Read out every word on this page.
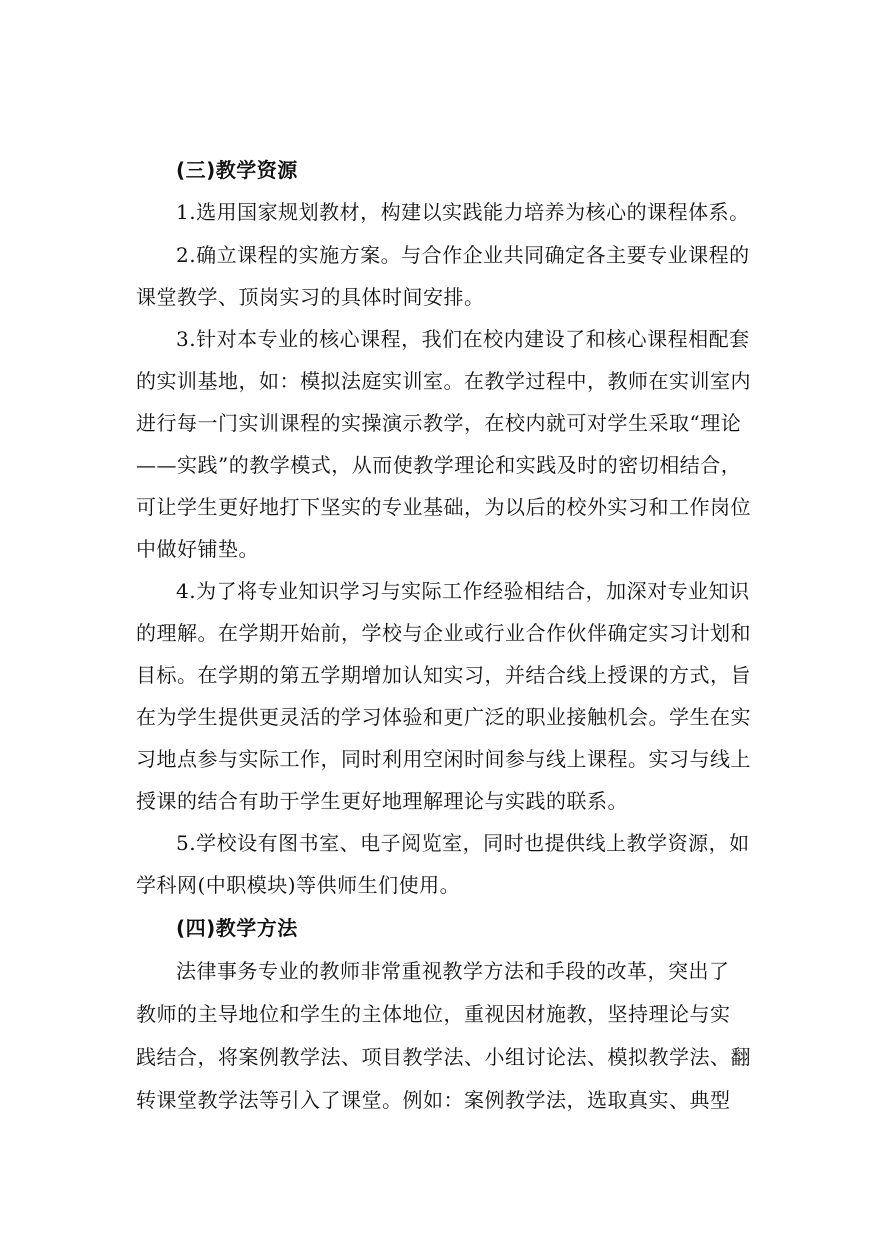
(三)教学资源
1.选用国家规划教材，构建以实践能力培养为核心的课程体系。
2.确立课程的实施方案。与合作企业共同确定各主要专业课程的
课堂教学、顶岗实习的具体时间安排。
3.针对本专业的核心课程，我们在校内建设了和核心课程相配套
的实训基地，如：模拟法庭实训室。在教学过程中，教师在实训室内
进行每一门实训课程的实操演示教学，在校内就可对学生采取“理论
——实践”的教学模式，从而使教学理论和实践及时的密切相结合，
可让学生更好地打下坚实的专业基础，为以后的校外实习和工作岗位
中做好铺垫。
4.为了将专业知识学习与实际工作经验相结合，加深对专业知识
的理解。在学期开始前，学校与企业或行业合作伙伴确定实习计划和
目标。在学期的第五学期增加认知实习，并结合线上授课的方式，旨
在为学生提供更灵活的学习体验和更广泛的职业接触机会。学生在实
习地点参与实际工作，同时利用空闲时间参与线上课程。实习与线上
授课的结合有助于学生更好地理解理论与实践的联系。
5.学校设有图书室、电子阅览室，同时也提供线上教学资源，如
学科网(中职模块)等供师生们使用。
(四)教学方法
法律事务专业的教师非常重视教学方法和手段的改革，突出了
教师的主导地位和学生的主体地位，重视因材施教，坚持理论与实
践结合，将案例教学法、项目教学法、小组讨论法、模拟教学法、翻
转课堂教学法等引入了课堂。例如：案例教学法，选取真实、典型
